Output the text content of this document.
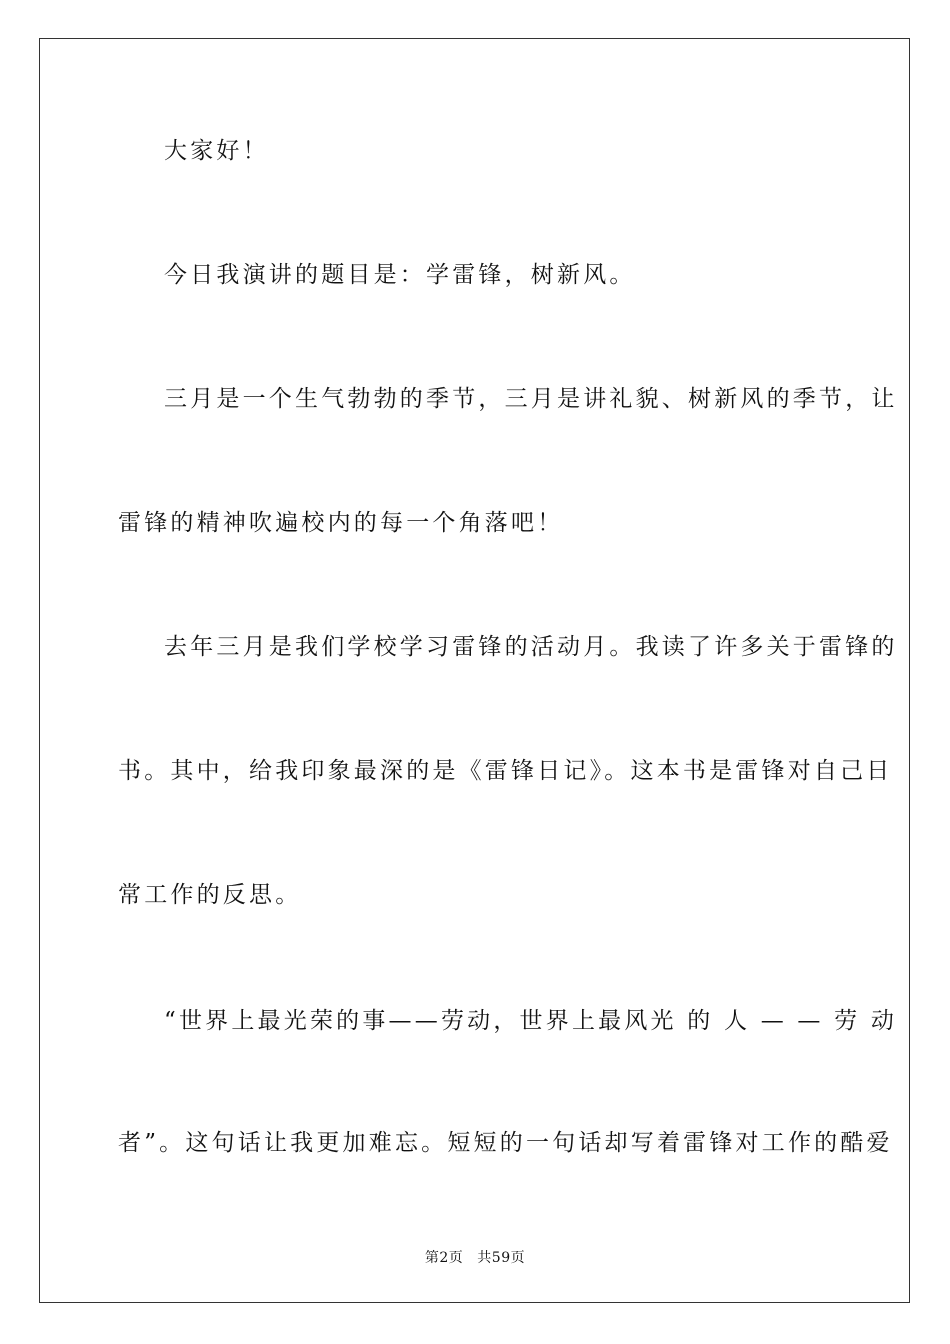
大家好！
今日我演讲的题目是：学雷锋，树新风。
三月是一个生气勃勃的季节，三月是讲礼貌、树新风的季节，让
雷锋的精神吹遍校内的每一个角落吧！
去年三月是我们学校学习雷锋的活动月。我读了许多关于雷锋的
书。其中，给我印象最深的是《雷锋日记》。这本书是雷锋对自己日
常工作的反思。
“世界上最光荣的事——劳动，世界上最风光 的 人 — — 劳 动
者”。这句话让我更加难忘。短短的一句话却写着雷锋对工作的酷爱
第2页 共59页
